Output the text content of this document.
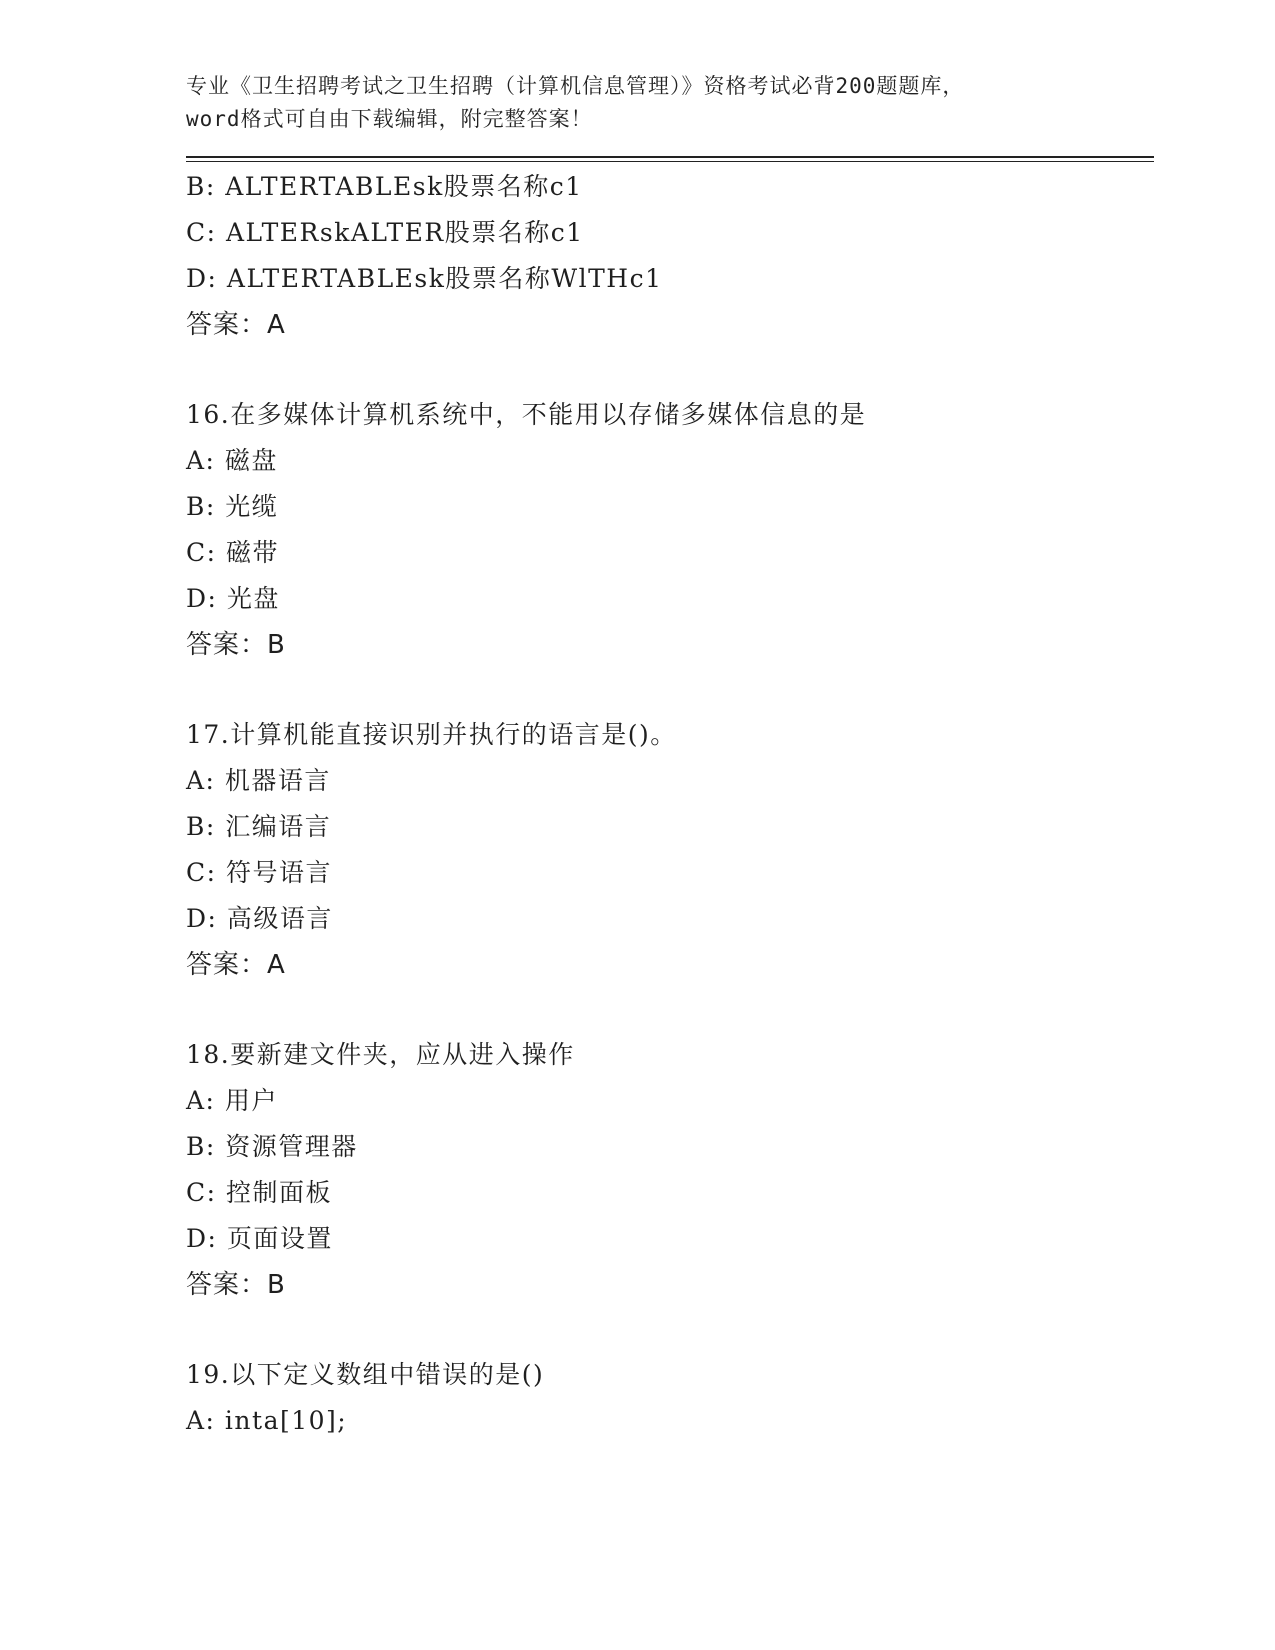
专业《卫生招聘考试之卫生招聘（计算机信息管理）》资格考试必背200题题库，
word格式可自由下载编辑，附完整答案！
B: ALTERTABLEsk股票名称c1
C: ALTERskALTER股票名称c1
D: ALTERTABLEsk股票名称WlTHc1
答案：A
16.在多媒体计算机系统中，不能用以存储多媒体信息的是
A: 磁盘
B: 光缆
C: 磁带
D: 光盘
答案：B
17.计算机能直接识别并执行的语言是()。
A: 机器语言
B: 汇编语言
C: 符号语言
D: 高级语言
答案：A
18.要新建文件夹，应从进入操作
A: 用户
B: 资源管理器
C: 控制面板
D: 页面设置
答案：B
19.以下定义数组中错误的是()
A: inta[10];
